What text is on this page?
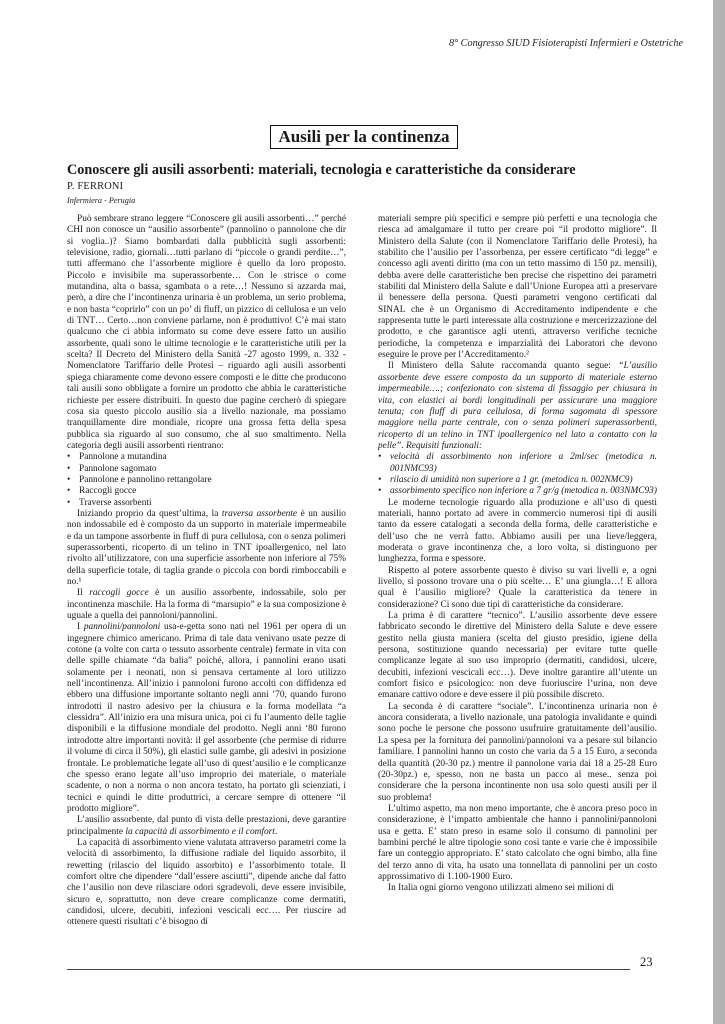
8° Congresso SIUD Fisioterapisti Infermieri e Ostetriche
Ausili per la continenza
Conoscere gli ausili assorbenti: materiali, tecnologia e caratteristiche da considerare
P. FERRONI
Infermiera - Perugia

Può sembrare strano leggere “Conoscere gli ausili assorbenti…” perché CHI non conosce un “ausilio assorbente” (pannolino o pannolone che dir si voglia..)? Siamo bombardati dalla pubblicità sugli assorbenti: televisione, radio, giornali…tutti parlano di “piccole o grandi perdite…”, tutti affermano che l’assorbente migliore è quello da loro proposto. Piccolo e invisibile ma superassorbente… Con le strisce o come mutandina, alta o bassa, sgambata o a rete…! Nessuno si azzarda mai, però, a dire che l’incontinenza urinaria è un problema, un serio problema, e non basta “coprirlo” con un po’ di fluff, un pizzico di cellulosa e un velo di TNT… Certo…non conviene parlarne, non è produttivo! C’è mai stato qualcuno che ci abbia informato su come deve essere fatto un ausilio assorbente, quali sono le ultime tecnologie e le caratteristiche utili per la scelta? Il Decreto del Ministero della Sanità -27 agosto 1999, n. 332 - Nomenclatore Tariffario delle Protesi – riguardo agli ausili assorbenti spiega chiaramente come devono essere composti e le ditte che producono tali ausili sono obbligate a fornire un prodotto che abbia le caratteristiche richieste per essere distribuiti. In questo due pagine cercherò di spiegare cosa sia questo piccolo ausilio sia a livello nazionale, ma possiamo tranquillamente dire mondiale, ricopre una grossa fetta della spesa pubblica sia riguardo al suo consumo, che al suo smaltimento. Nella categoria degli ausili assorbenti rientrano:

• Pannolone a mutandina
• Pannolone sagomato
• Pannolone e pannolino rettangolare
• Raccogli gocce
• Traverse assorbenti

Iniziando proprio da quest’ultima, la traversa assorbente è un ausilio non indossabile ed è composto da un supporto in materiale impermeabile e da un tampone assorbente in fluff di pura cellulosa, con o senza polimeri superassorbenti, ricoperto di un telino in TNT ipoallergenico, nel lato rivolto all’utilizzatore, con una superficie assorbente non inferiore al 75% della superficie totale, di taglia grande o piccola con bordi rimboccabili e no.¹

Il raccogli gocce è un ausilio assorbente, indossabile, solo per incontinenza maschile. Ha la forma di “marsupio” e la sua composizione è uguale a quella dei pannoloni/pannolini.

I pannolini/pannoloni usa-e-getta sono nati nel 1961 per opera di un ingegnere chimico americano. Prima di tale data venivano usate pezze di cotone (a volte con carta o tessuto assorbente centrale) fermate in vita con delle spille chiamate “da balia” poiché, allora, i pannolini erano usati solamente per i neonati, non si pensava certamente al loro utilizzo nell’incontinenza. All’inizio i pannoloni furono accolti con diffidenza ed ebbero una diffusione importante soltanto negli anni ’70, quando furono introdotti il nastro adesivo per la chiusura e la forma modellata “a clessidra”. All’inizio era una misura unica, poi ci fu l’aumento delle taglie disponibili e la diffusione mondiale del prodotto. Negli anni ‘80 furono introdotte altre importanti novità: il gel assorbente (che permise di ridurre il volume di circa il 50%), gli elastici sulle gambe, gli adesivi in posizione frontale. Le problematiche legate all’uso di quest’ausilio e le complicanze che spesso erano legate all’uso improprio dei materiale, o materiale scadente, o non a norma o non ancora testato, ha portato gli scienziati, i tecnici e quindi le ditte produttrici, a cercare sempre di ottenere “il prodotto migliore”.

L’ausilio assorbente, dal punto di vista delle prestazioni, deve garantire principalmente la capacità di assorbimento e il comfort.

La capacità di assorbimento viene valutata attraverso parametri come la velocità di assorbimento, la diffusione radiale del liquido assorbito, il rewetting (rilascio del liquido assorbito) e l’assorbimento totale. Il comfort oltre che dipendere “dall’essere asciutti”, dipende anche dal fatto che l’ausilio non deve rilasciare odori sgradevoli, deve essere invisibile, sicuro e, soprattutto, non deve creare complicanze come dermatiti, candidosi, ulcere, decubiti, infezioni vescicali ecc…. Per riuscire ad ottenere questi risultati c’è bisogno di

materiali sempre più specifici e sempre più perfetti e una tecnologia che riesca ad amalgamare il tutto per creare poi “il prodotto migliore”. Il Ministero della Salute (con il Nomenclatore Tariffario delle Protesi), ha stabilito che l’ausilio per l’assorbenza, per essere certificato “di legge” e concesso agli aventi diritto (ma con un tetto massimo di 150 pz. mensili), debba avere delle caratteristiche ben precise che rispettino dei parametri stabiliti dal Ministero della Salute e dall’Unione Europea atti a preservare il benessere della persona. Questi parametri vengono certificati dal SINAL che è un Organismo di Accreditamento indipendente e che rappresenta tutte le parti interessate alla costruzione e mercerizzazione del prodotto, e che garantisce agli utenti, attraverso verifiche tecniche periodiche, la competenza e imparzialità dei Laboratori che devono eseguire le prove per l’Accreditamento.²

Il Ministero della Salute raccomanda quanto segue: “L’ausilio assorbente deve essere composto da un supporto di materiale esterno impermeabile….; confezionato con sistema di fissaggio per chiusura in vita, con elastici ai bordi longitudinali per assicurare una maggiore tenuta; con fluff di pura cellulosa, di forma sagomata di spessore maggiore nella parte centrale, con o senza polimeri superassorbenti, ricoperto di un telino in TNT ipoallergenico nel lato a contatto con la pelle”. Requisiti funzionali:

• velocità di assorbimento non inferiore a 2ml/sec (metodica n. 001NMC93)
• rilascio di umidità non superiore a 1 gr. (metodica n. 002NMC9)
• assorbimento specifico non inferiore a 7 gr/g (metodica n. 003NMC93)

Le moderne tecnologie riguardo alla produzione e all’uso di questi materiali, hanno portato ad avere in commercio numerosi tipi di ausili tanto da essere catalogati a seconda della forma, delle caratteristiche e dell’uso che ne verrà fatto. Abbiamo ausili per una lieve/leggera, moderata o grave incontinenza che, a loro volta, si distinguono per lunghezza, forma e spessore.

Rispetto al potere assorbente questo è diviso su vari livelli e, a ogni livello, si possono trovare una o più scelte… E’ una giungla…! E allora qual è l’ausilio migliore? Quale la caratteristica da tenere in considerazione? Ci sono due tipi di caratteristiche da considerare.

La prima è di carattere “tecnico”. L’ausilio assorbente deve essere fabbricato secondo le direttive del Ministero della Salute e deve essere gestito nella giusta maniera (scelta del giusto presidio, igiene della persona, sostituzione quando necessaria) per evitare tutte quelle complicanze legate al suo uso improprio (dermatiti, candidosi, ulcere, decubiti, infezioni vescicali ecc…). Deve inoltre garantire all’utente un comfort fisico e psicologico: non deve fuoriuscire l’urina, non deve emanare cattivo odore e deve essere il più possibile discreto.

La seconda è di carattere “sociale”. L’incontinenza urinaria non è ancora considerata, a livello nazionale, una patologia invalidante e quindi sono poche le persone che possono usufruire gratuitamente dell’ausilio. La spesa per la fornitura dei pannolini/pannoloni va a pesare sul bilancio familiare. I pannolini hanno un costo che varia da 5 a 15 Euro, a seconda della quantità (20-30 pz.) mentre il pannolone varia dai 18 a 25-28 Euro (20-30pz.) e, spesso, non ne basta un pacco al mese.. senza poi considerare che la persona incontinente non usa solo questi ausili per il suo problema!

L’ultimo aspetto, ma non meno importante, che è ancora preso poco in considerazione, è l’impatto ambientale che hanno i pannolini/pannoloni usa e getta. E’ stato preso in esame solo il consumo di pannolini per bambini perché le altre tipologie sono così tante e varie che è impossibile fare un conteggio appropriato. E’ stato calcolato che ogni bimbo, alla fine del terzo anno di vita, ha usato una tonnellata di pannolini per un costo approssimativo di 1.100-1900 Euro.

In Italia ogni giorno vengono utilizzati almeno sei milioni di

23
